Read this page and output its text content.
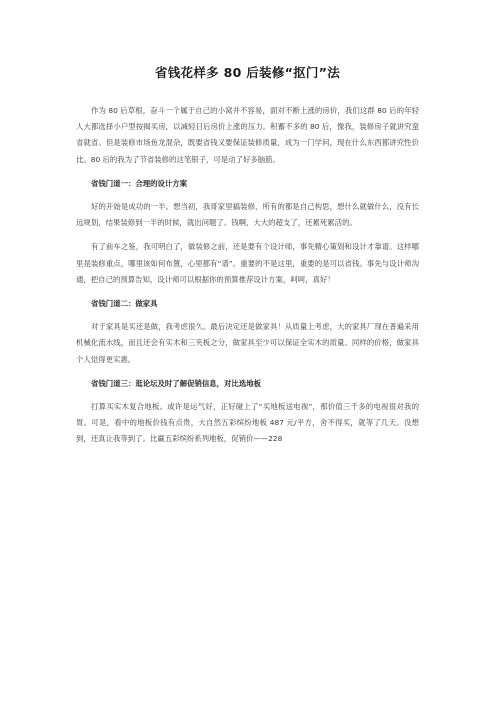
省钱花样多 80 后装修“抠门”法

作为 80 后草根，奋斗一个属于自己的小窝并不容易，面对不断上涨的房价，我们这群 80 后的年轻人大都选择小户型按揭买房，以减轻日后房价上涨的压力。积蓄不多的 80 后，像我，装修房子就讲究蛮省就省。但是装修市场鱼龙混杂，既要省钱又要保证装修质量，成为一门学问，现在什么东西都讲究性价比。80 后的我为了节省装修的这笔银子，可是动了好多脑筋。

省钱门道一：合理的设计方案

好的开始是成功的一半。想当初，我哥家里搞装修，所有的都是自己构思，想什么就做什么，没有长远规划，结果装修到一半的时候，就出问题了。钱啊，大大的超支了，还累死累活的。

有了前车之鉴，我可明白了，做装修之前，还是要有个设计师，事先精心策划和设计才靠谱。这样哪里是装修重点，哪里该如何布置，心里都有“谱”。重要的不是这里，重要的是可以省钱。事先与设计师沟通，把自己的预算告知，设计师可以根据你的预算推荐设计方案，呵呵，真好！

省钱门道二：做家具

对于家具是买还是做，我考虑很久。最后决定还是做家具！从质量上考虑，大的家具厂现在普遍采用机械化流水线，而且还会有实木和三夹板之分，做家具至少可以保证全实木的质量。同样的价格，做家具个人觉得更实惠。

省钱门道三：逛论坛及时了解促销信息，对比选地板

打算买实木复合地板。或许是运气好，正好碰上了“买地板送电视”，那价值三千多的电视很对我的胃。可是，看中的地板价钱有点贵，大自然五彩缤纷地板 487 元/平方，舍不得买，就等了几天。没想到，还真让我等到了。比赢五彩缤纷系列地板，促销价——228
